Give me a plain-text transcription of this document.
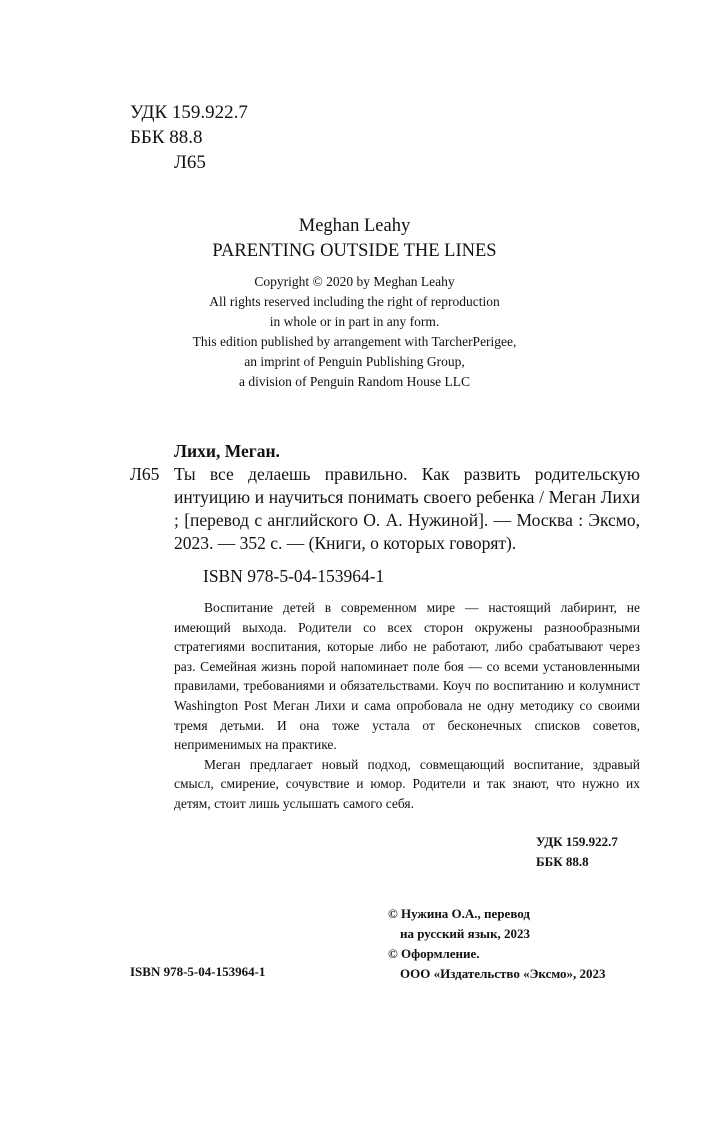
УДК 159.922.7
ББК 88.8
Л65
Meghan Leahy
PARENTING OUTSIDE THE LINES
Copyright © 2020 by Meghan Leahy
All rights reserved including the right of reproduction
in whole or in part in any form.
This edition published by arrangement with TarcherPerigee,
an imprint of Penguin Publishing Group,
a division of Penguin Random House LLC
Лихи, Меган.
Л65 Ты все делаешь правильно. Как развить родительскую интуицию и научиться понимать своего ребенка / Меган Лихи ; [перевод с английского О. А. Нужиной]. — Москва : Эксмо, 2023. — 352 с. — (Книги, о которых говорят).
ISBN 978-5-04-153964-1

Воспитание детей в современном мире — настоящий лабиринт, не имеющий выхода. Родители со всех сторон окружены разнообразными стратегиями воспитания, которые либо не работают, либо срабатывают через раз. Семейная жизнь порой напоминает поле боя — со всеми установленными правилами, требованиями и обязательствами. Коуч по воспитанию и колумнист Washington Post Меган Лихи и сама опробовала не одну методику со своими тремя детьми. И она тоже устала от бесконечных списков советов, неприменимых на практике.

Меган предлагает новый подход, совмещающий воспитание, здравый смысл, смирение, сочувствие и юмор. Родители и так знают, что нужно их детям, стоит лишь услышать самого себя.

УДК 159.922.7
ББК 88.8
© Нужина О.А., перевод
на русский язык, 2023
© Оформление.
ООО «Издательство «Эксмо», 2023
ISBN 978-5-04-153964-1
